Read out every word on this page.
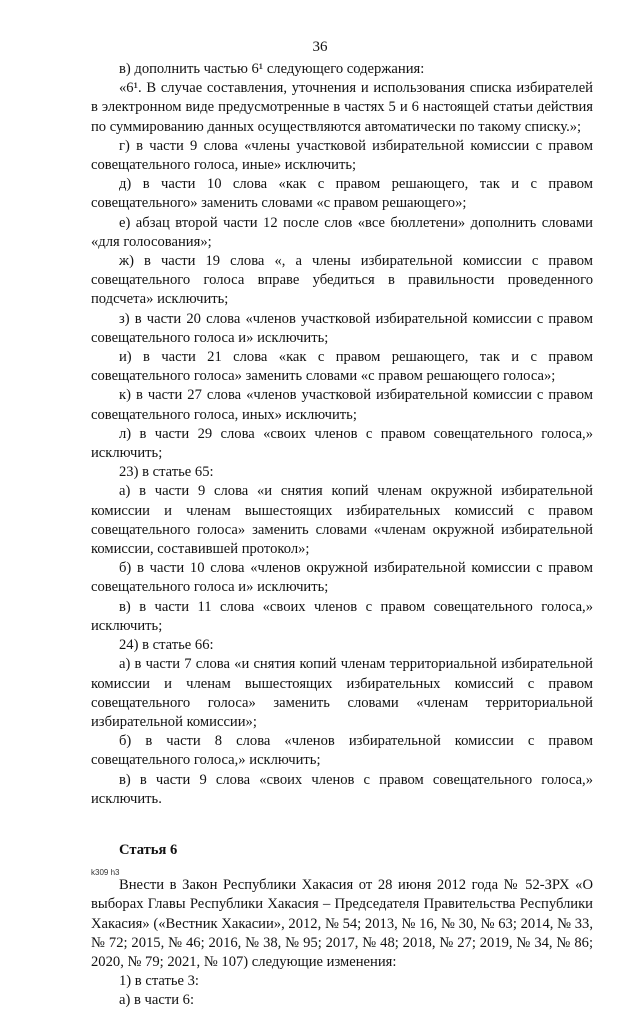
36

в) дополнить частью 6¹ следующего содержания:

«6¹. В случае составления, уточнения и использования списка избирателей в электронном виде предусмотренные в частях 5 и 6 настоящей статьи действия по суммированию данных осуществляются автоматически по такому списку.»;

г) в части 9 слова «члены участковой избирательной комиссии с правом совещательного голоса, иные» исключить;

д) в части 10 слова «как с правом решающего, так и с правом совещательного» заменить словами «с правом решающего»;

е) абзац второй части 12 после слов «все бюллетени» дополнить словами «для голосования»;

ж) в части 19 слова «, а члены избирательной комиссии с правом совещательного голоса вправе убедиться в правильности проведенного подсчета» исключить;

з) в части 20 слова «членов участковой избирательной комиссии с правом совещательного голоса и» исключить;

и) в части 21 слова «как с правом решающего, так и с правом совещательного голоса» заменить словами «с правом решающего голоса»;

к) в части 27 слова «членов участковой избирательной комиссии с правом совещательного голоса, иных» исключить;

л) в части 29 слова «своих членов с правом совещательного голоса,» исключить;

23) в статье 65:

а) в части 9 слова «и снятия копий членам окружной избирательной комиссии и членам вышестоящих избирательных комиссий с правом совещательного голоса» заменить словами «членам окружной избирательной комиссии, составившей протокол»;

б) в части 10 слова «членов окружной избирательной комиссии с правом совещательного голоса и» исключить;

в) в части 11 слова «своих членов с правом совещательного голоса,» исключить;

24) в статье 66:

а) в части 7 слова «и снятия копий членам территориальной избирательной комиссии и членам вышестоящих избирательных комиссий с правом совещательного голоса» заменить словами «членам территориальной избирательной комиссии»;

б) в части 8 слова «членов избирательной комиссии с правом совещательного голоса,» исключить;

в) в части 9 слова «своих членов с правом совещательного голоса,» исключить.

Статья 6

Внести в Закон Республики Хакасия от 28 июня 2012 года № 52-ЗРХ «О выборах Главы Республики Хакасия – Председателя Правительства Республики Хакасия» («Вестник Хакасии», 2012, № 54; 2013, № 16, № 30, № 63; 2014, № 33, № 72; 2015, № 46; 2016, № 38, № 95; 2017, № 48; 2018, № 27; 2019, № 34, № 86; 2020, № 79; 2021, № 107) следующие изменения:

1) в статье 3:

а) в части 6:

k309 h3
